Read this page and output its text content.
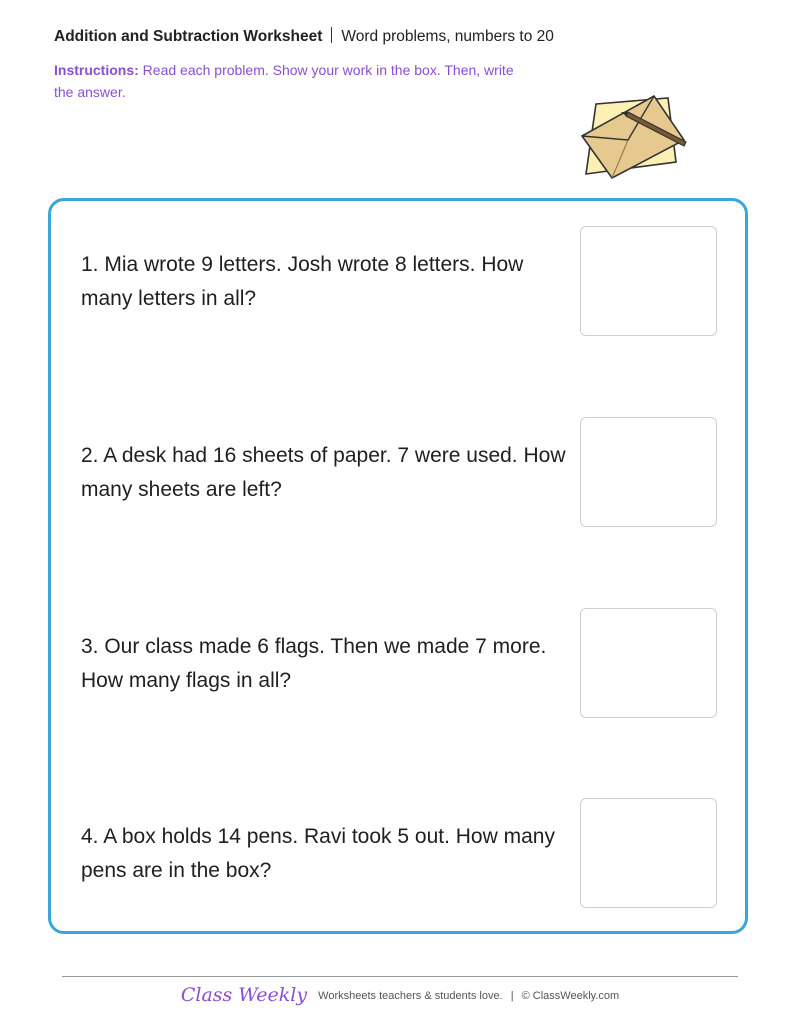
Addition and Subtraction Worksheet Word problems, numbers to 20
Instructions: Read each problem. Show your work in the box. Then, write the answer.
1. Mia wrote 9 letters. Josh wrote 8 letters. How many letters in all?
2. A desk had 16 sheets of paper. 7 were used. How many sheets are left?
3. Our class made 6 flags. Then we made 7 more. How many flags in all?
4. A box holds 14 pens. Ravi took 5 out. How many pens are in the box?
Class Weekly Worksheets teachers & students love. | © ClassWeekly.com
